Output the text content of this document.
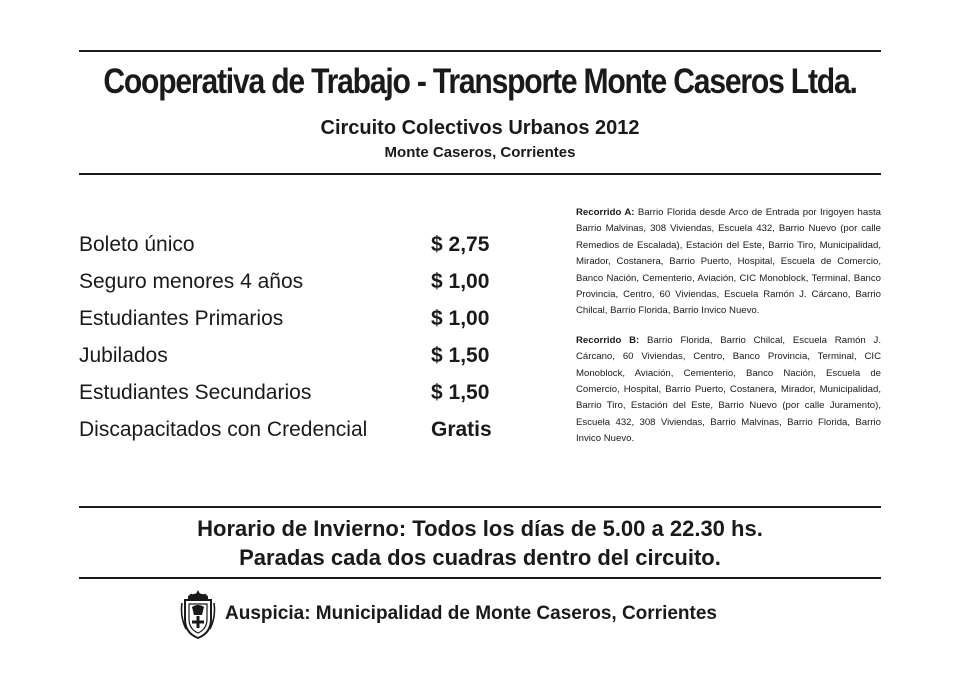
Cooperativa de Trabajo - Transporte Monte Caseros Ltda.
Circuito Colectivos Urbanos 2012
Monte Caseros, Corrientes
Boleto único	$ 2,75
Seguro menores 4 años	$ 1,00
Estudiantes Primarios	$ 1,00
Jubilados	$ 1,50
Estudiantes Secundarios	$ 1,50
Discapacitados con Credencial	Gratis

Recorrido A: Barrio Florida desde Arco de Entrada por Irigoyen hasta Barrio Malvinas, 308 Viviendas, Escuela 432, Barrio Nuevo (por calle Remedios de Escalada), Estación del Este, Barrio Tiro, Municipalidad, Mirador, Costanera, Barrio Puerto, Hospital, Escuela de Comercio, Banco Nación, Cementerio, Aviación, CIC Monoblock, Terminal, Banco Provincia, Centro, 60 Viviendas, Escuela Ramón J. Cárcano, Barrio Chilcal, Barrio Florida, Barrio Invico Nuevo.

Recorrido B: Barrio Florida, Barrio Chilcal, Escuela Ramón J. Cárcano, 60 Viviendas, Centro, Banco Provincia, Terminal, CIC Monoblock, Aviación, Cementerio, Banco Nación, Escuela de Comercio, Hospital, Barrio Puerto, Costanera, Mirador, Municipalidad, Barrio Tiro, Estación del Este, Barrio Nuevo (por calle Juramento), Escuela 432, 308 Viviendas, Barrio Malvinas, Barrio Florida, Barrio Invico Nuevo.

Horario de Invierno: Todos los días de 5.00 a 22.30 hs.
Paradas cada dos cuadras dentro del circuito.
Auspicia: Municipalidad de Monte Caseros, Corrientes
